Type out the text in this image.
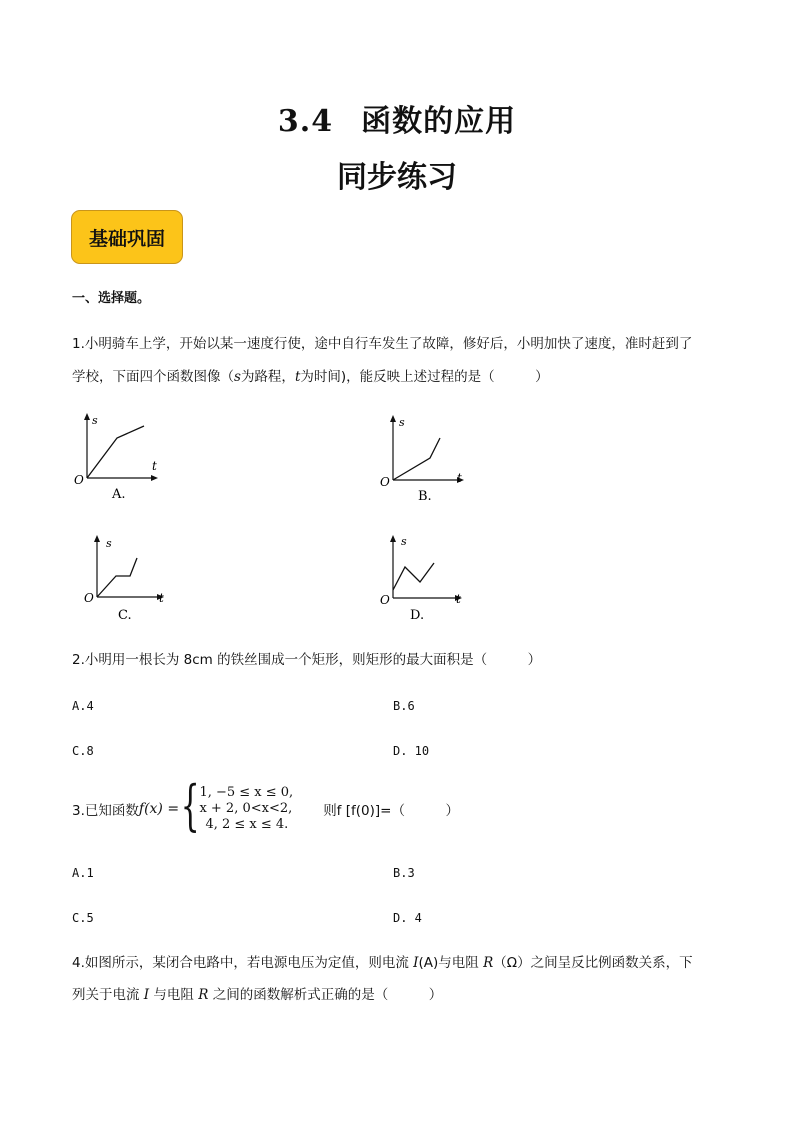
3.4 函数的应用
同步练习
基础巩固
一、选择题。
1.小明骑车上学，开始以某一速度行使，途中自行车发生了故障，修好后，小明加快了速度，准时赶到了
学校，下面四个函数图像（s为路程，t为时间)，能反映上述过程的是（　　　）
s
t
O
A.
s
t
O
B.
s
t
O
C.
s
t
O
D.
2.小明用一根长为 8cm 的铁丝围成一个矩形，则矩形的最大面积是（　　　）
A.4	B.6
C.8	D. 10
3.已知函数 f(x) = { 1, −5 ≤ x ≤ 0,
x + 2, 0<x<2,
4, 2 ≤ x ≤ 4.
则f [f(0)]=（　　　）
A.1	B.3
C.5	D. 4
4.如图所示，某闭合电路中，若电源电压为定值，则电流 I(A)与电阻 R（Ω）之间呈反比例函数关系，下
列关于电流 I 与电阻 R 之间的函数解析式正确的是（　　　）
